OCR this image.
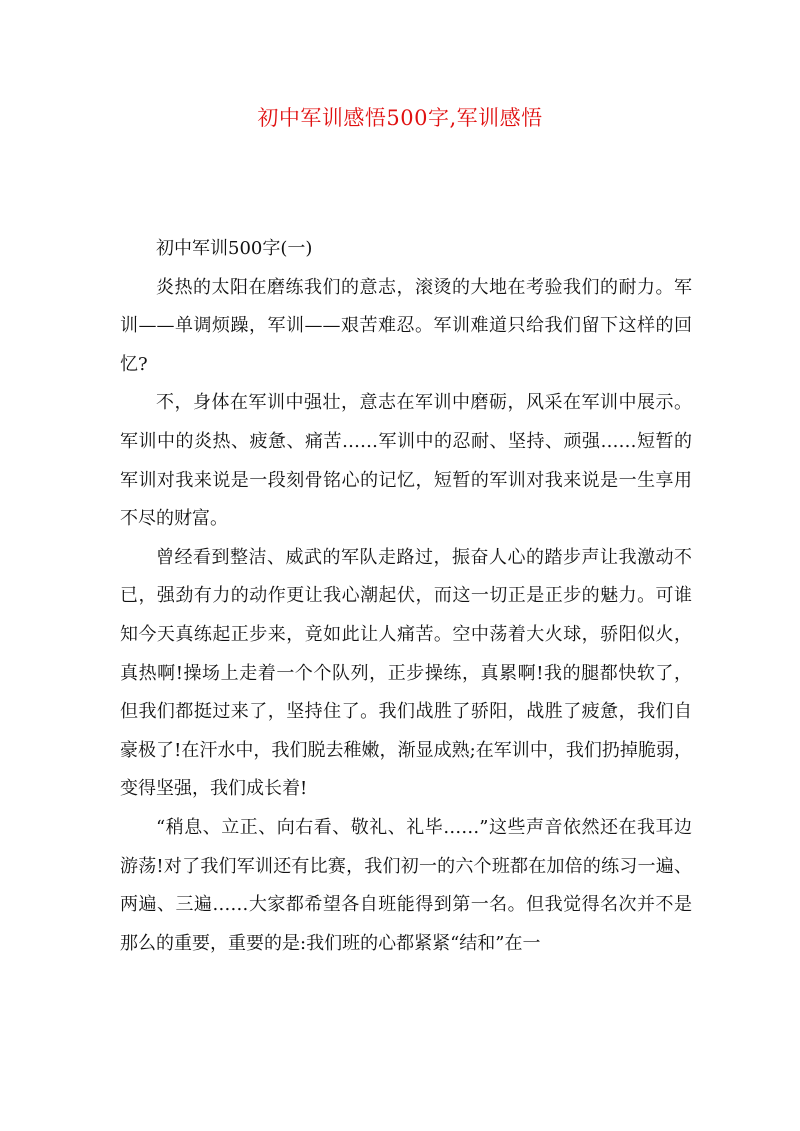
初中军训感悟500字,军训感悟

初中军训500字(一)

炎热的太阳在磨练我们的意志，滚烫的大地在考验我们的耐力。军训——单调烦躁，军训——艰苦难忍。军训难道只给我们留下这样的回忆?

不，身体在军训中强壮，意志在军训中磨砺，风采在军训中展示。军训中的炎热、疲惫、痛苦……军训中的忍耐、坚持、顽强……短暂的军训对我来说是一段刻骨铭心的记忆，短暂的军训对我来说是一生享用不尽的财富。

曾经看到整洁、威武的军队走路过，振奋人心的踏步声让我激动不已，强劲有力的动作更让我心潮起伏，而这一切正是正步的魅力。可谁知今天真练起正步来，竟如此让人痛苦。空中荡着大火球，骄阳似火，真热啊!操场上走着一个个队列，正步操练，真累啊!我的腿都快软了，但我们都挺过来了，坚持住了。我们战胜了骄阳，战胜了疲惫，我们自豪极了!在汗水中，我们脱去稚嫩，渐显成熟;在军训中，我们扔掉脆弱，变得坚强，我们成长着!

“稍息、立正、向右看、敬礼、礼毕……”这些声音依然还在我耳边游荡!对了我们军训还有比赛，我们初一的六个班都在加倍的练习一遍、两遍、三遍……大家都希望各自班能得到第一名。但我觉得名次并不是那么的重要，重要的是:我们班的心都紧紧“结和”在一
